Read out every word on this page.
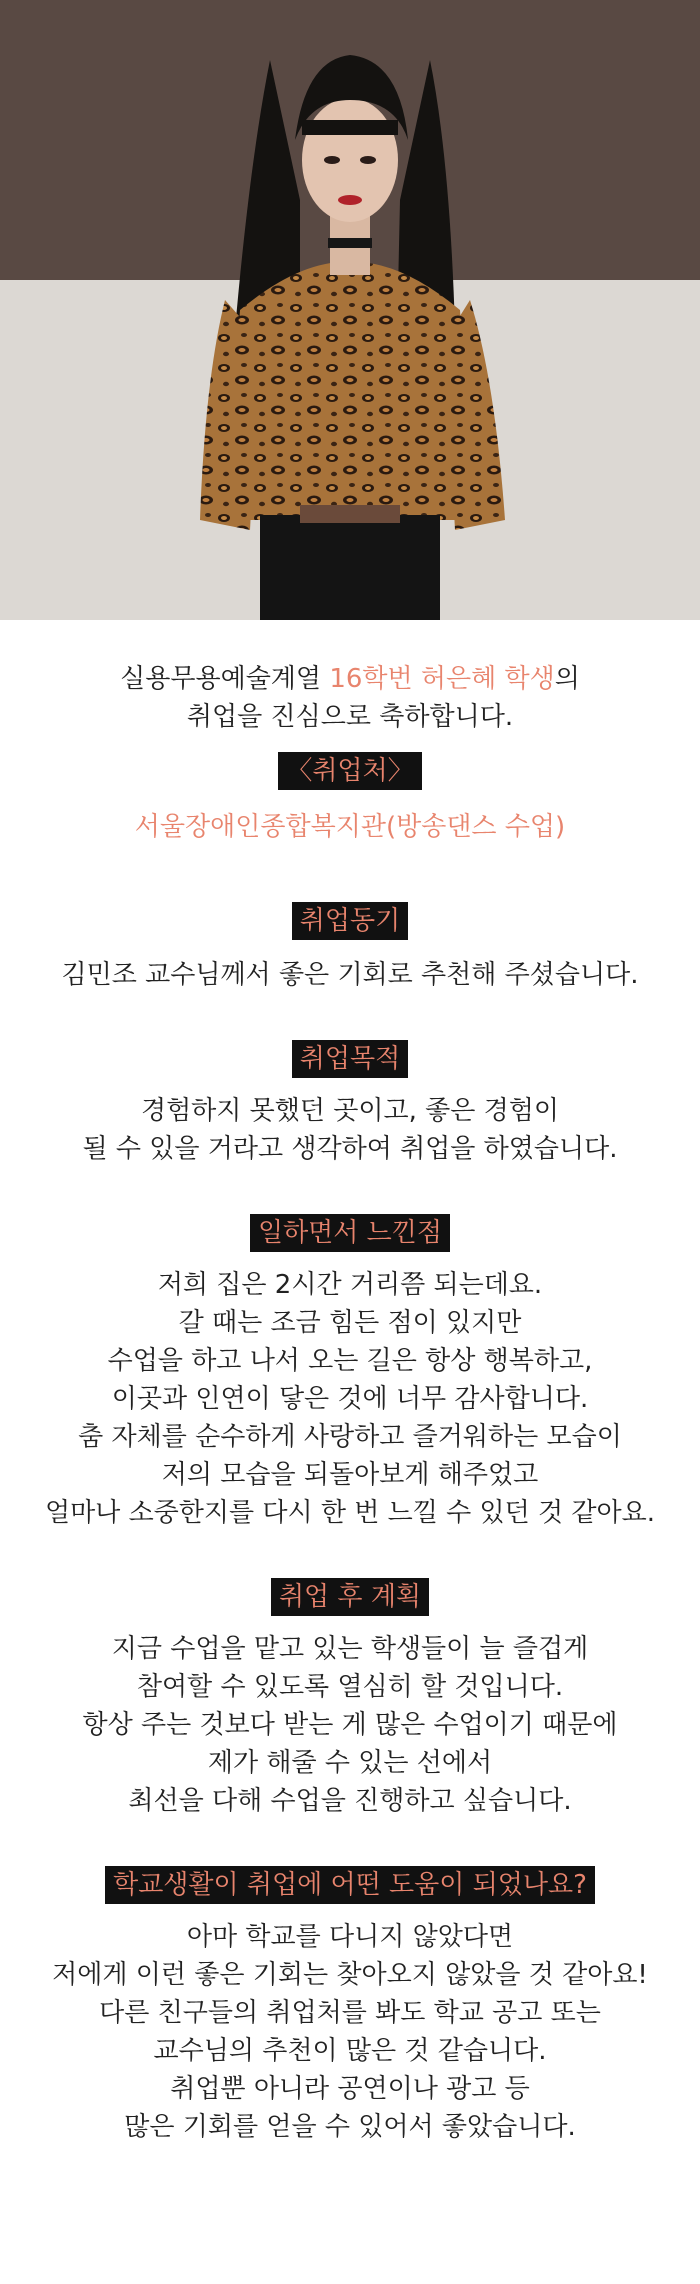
실용무용예술계열 16학번 허은혜 학생의

취업을 진심으로 축하합니다.

〈취업처〉

서울장애인종합복지관(방송댄스 수업)

취업동기

김민조 교수님께서 좋은 기회로 추천해 주셨습니다.

취업목적

경험하지 못했던 곳이고, 좋은 경험이

될 수 있을 거라고 생각하여 취업을 하였습니다.

일하면서 느낀점

저희 집은 2시간 거리쯤 되는데요.

갈 때는 조금 힘든 점이 있지만

수업을 하고 나서 오는 길은 항상 행복하고,

이곳과 인연이 닿은 것에 너무 감사합니다.

춤 자체를 순수하게 사랑하고 즐거워하는 모습이

저의 모습을 되돌아보게 해주었고

얼마나 소중한지를 다시 한 번 느낄 수 있던 것 같아요.

취업 후 계획

지금 수업을 맡고 있는 학생들이 늘 즐겁게

참여할 수 있도록 열심히 할 것입니다.

항상 주는 것보다 받는 게 많은 수업이기 때문에

제가 해줄 수 있는 선에서

최선을 다해 수업을 진행하고 싶습니다.

학교생활이 취업에 어떤 도움이 되었나요?

아마 학교를 다니지 않았다면

저에게 이런 좋은 기회는 찾아오지 않았을 것 같아요!

다른 친구들의 취업처를 봐도 학교 공고 또는

교수님의 추천이 많은 것 같습니다.

취업뿐 아니라 공연이나 광고 등

많은 기회를 얻을 수 있어서 좋았습니다.
